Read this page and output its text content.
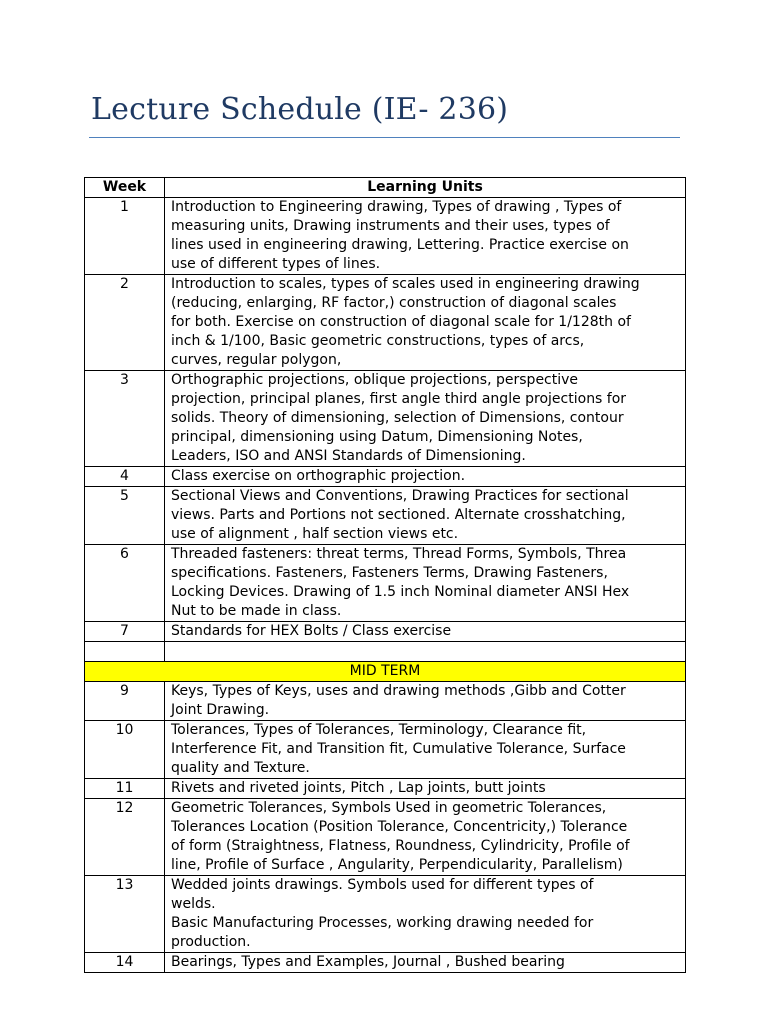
Lecture Schedule (IE- 236)
Week	Learning Units
1	Introduction to Engineering drawing, Types of drawing , Types of
measuring units, Drawing instruments and their uses, types of
lines used in engineering drawing, Lettering. Practice exercise on
use of different types of lines.
2	Introduction to scales, types of scales used in engineering drawing
(reducing, enlarging, RF factor,) construction of diagonal scales
for both. Exercise on construction of diagonal scale for 1/128th of
inch & 1/100, Basic geometric constructions, types of arcs,
curves, regular polygon,
3	Orthographic projections, oblique projections, perspective
projection, principal planes, first angle third angle projections for
solids. Theory of dimensioning, selection of Dimensions, contour
principal, dimensioning using Datum, Dimensioning Notes,
Leaders, ISO and ANSI Standards of Dimensioning.
4	Class exercise on orthographic projection.
5	Sectional Views and Conventions, Drawing Practices for sectional
views. Parts and Portions not sectioned. Alternate crosshatching,
use of alignment , half section views etc.
6	Threaded fasteners: threat terms, Thread Forms, Symbols, Threa
specifications. Fasteners, Fasteners Terms, Drawing Fasteners,
Locking Devices. Drawing of 1.5 inch Nominal diameter ANSI Hex
Nut to be made in class.
7	Standards for HEX Bolts / Class exercise

MID TERM	
9	Keys, Types of Keys, uses and drawing methods ,Gibb and Cotter
Joint Drawing.
10	Tolerances, Types of Tolerances, Terminology, Clearance fit,
Interference Fit, and Transition fit, Cumulative Tolerance, Surface
quality and Texture.
11	Rivets and riveted joints, Pitch , Lap joints, butt joints
12	Geometric Tolerances, Symbols Used in geometric Tolerances,
Tolerances Location (Position Tolerance, Concentricity,) Tolerance
of form (Straightness, Flatness, Roundness, Cylindricity, Profile of
line, Profile of Surface , Angularity, Perpendicularity, Parallelism)
13	Wedded joints drawings. Symbols used for different types of
welds.
Basic Manufacturing Processes, working drawing needed for
production.
14	Bearings, Types and Examples, Journal , Bushed bearing
